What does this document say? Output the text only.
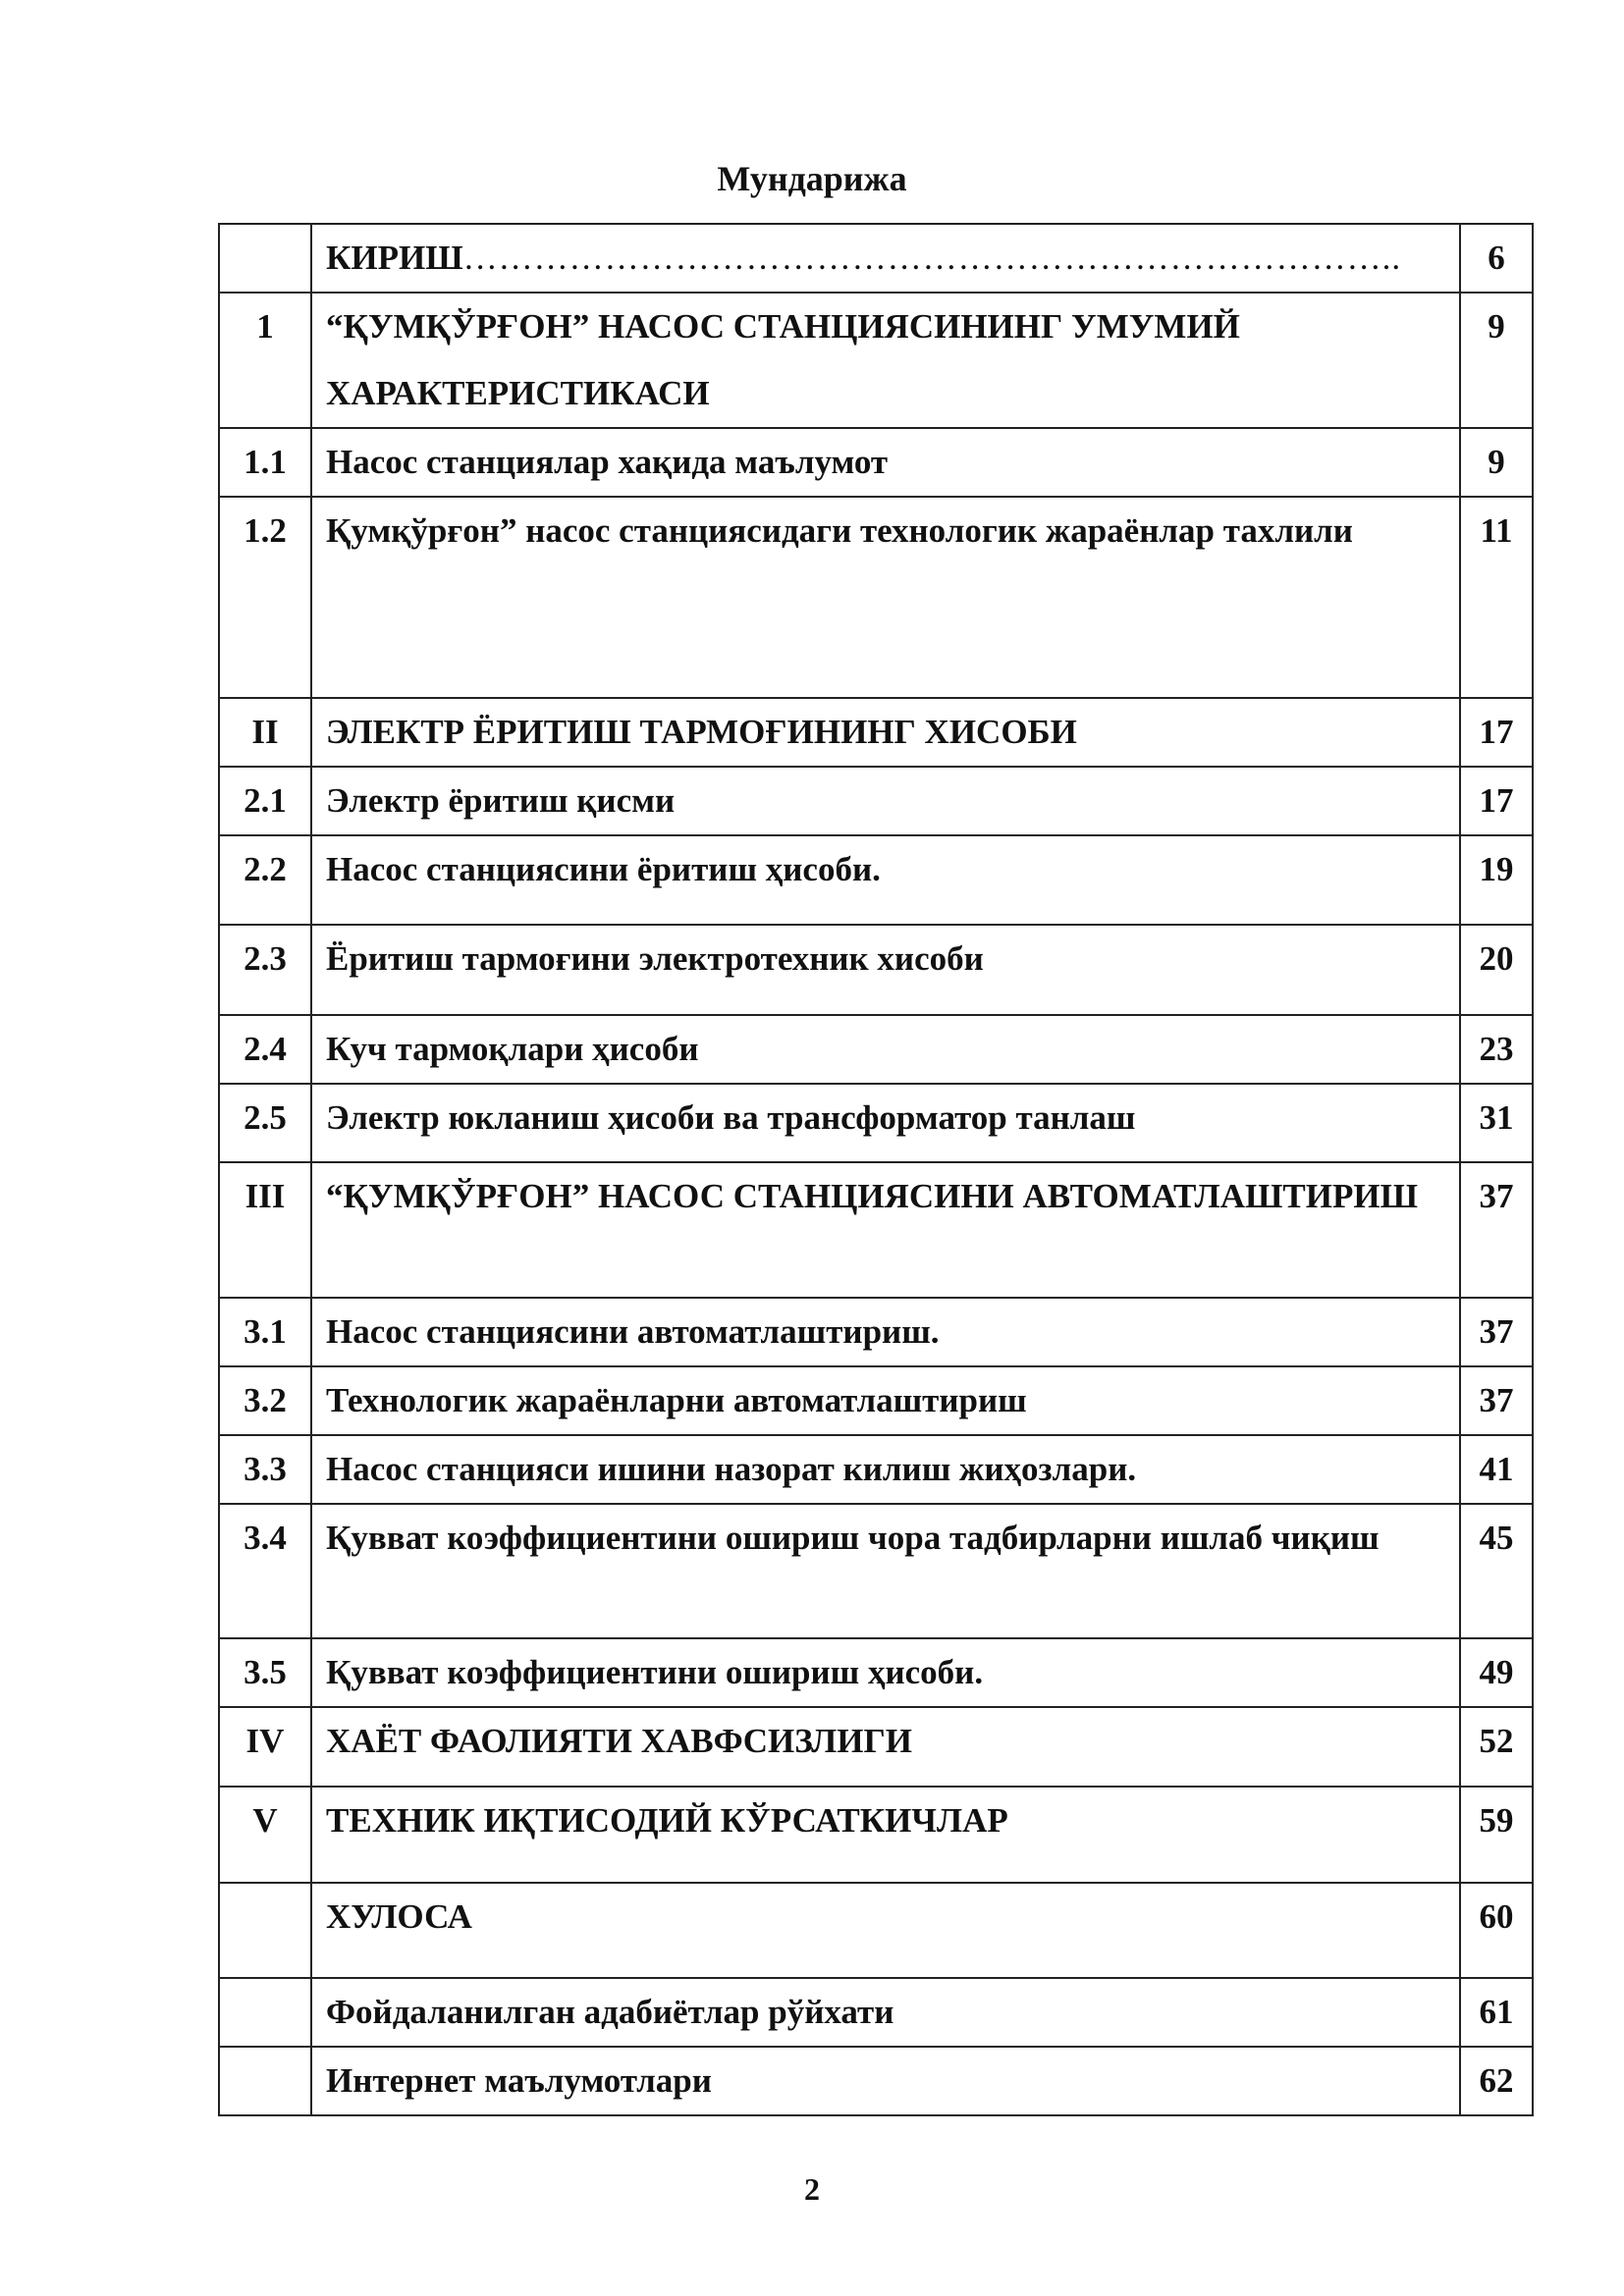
Мундарижа
	КИРИШ……………………………………………………………………..	6
1	“ҚУМҚЎРҒОН” НАСОС СТАНЦИЯСИНИНГ УМУМИЙ ХАРАКТЕРИСТИКАСИ	9
1.1	Насос станциялар хақида маълумот	9
1.2	Қумқўрғон” насос станциясидаги технологик жараёнлар тахлили	11
II	ЭЛЕКТР ЁРИТИШ ТАРМОҒИНИНГ ХИСОБИ	17
2.1	Электр ёритиш қисми	17
2.2	Насос станциясини ёритиш ҳисоби.	19
2.3	Ёритиш тармоғини электротехник хисоби	20
2.4	Куч тармоқлари ҳисоби	23
2.5	Электр юкланиш ҳисоби ва трансформатор танлаш	31
III	“ҚУМҚЎРҒОН” НАСОС СТАНЦИЯСИНИ АВТОМАТЛАШТИРИШ	37
3.1	Насос станциясини автоматлаштириш.	37
3.2	Технологик жараёнларни автоматлаштириш	37
3.3	Насос станцияси ишини назорат килиш жиҳозлари.	41
3.4	Қувват коэффициентини ошириш чора тадбирларни ишлаб чиқиш	45
3.5	Қувват коэффициентини ошириш ҳисоби.	49
IV	ХАЁТ ФАОЛИЯТИ ХАВФСИЗЛИГИ	52
V	ТЕХНИК ИҚТИСОДИЙ КЎРСАТКИЧЛАР	59
	ХУЛОСА	60
	Фойдаланилган адабиётлар рўйхати	61
	Интернет маълумотлари	62
2
